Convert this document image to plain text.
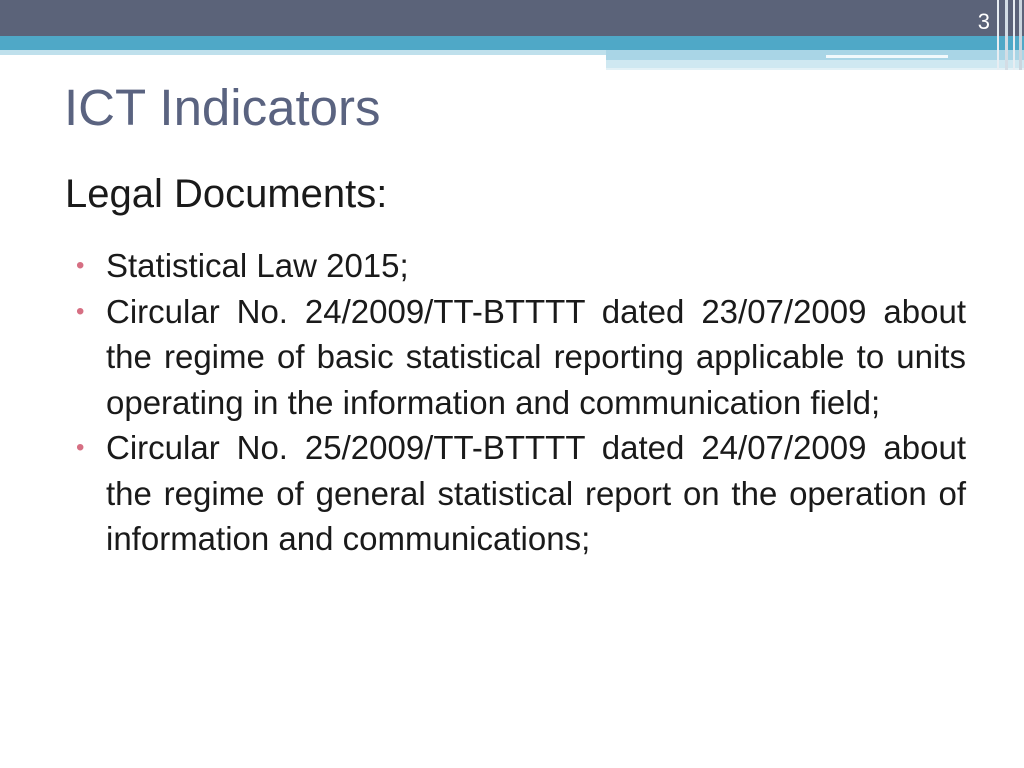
3
ICT Indicators
Legal Documents:
• Statistical Law 2015;
• Circular No. 24/2009/TT-BTTTT dated 23/07/2009 about the regime of basic statistical reporting applicable to units operating in the information and communication field;
• Circular No. 25/2009/TT-BTTTT dated 24/07/2009 about the regime of general statistical report on the operation of information and communications;
